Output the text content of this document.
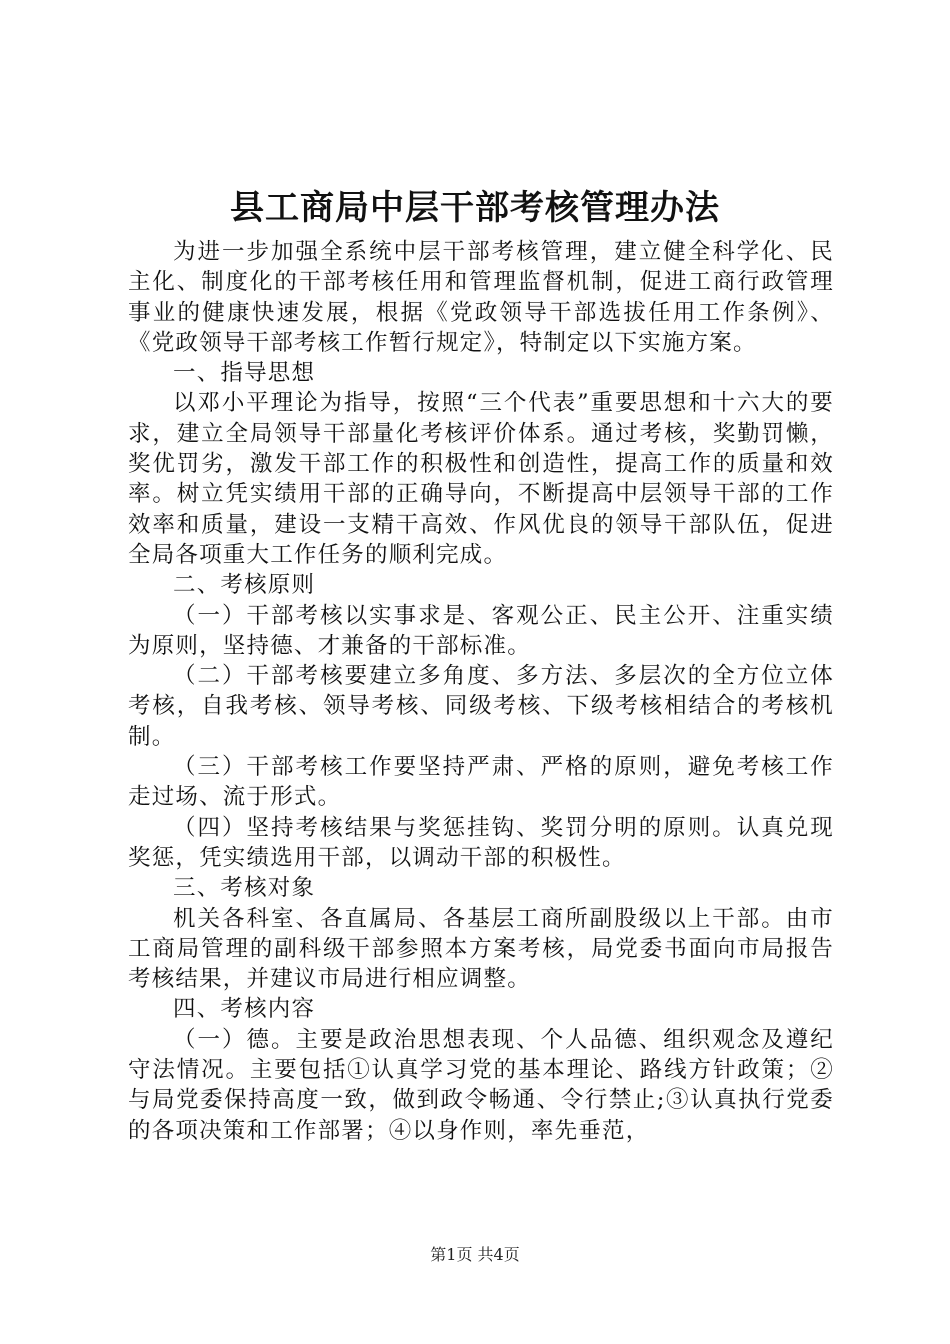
县工商局中层干部考核管理办法

为进一步加强全系统中层干部考核管理，建立健全科学化、民主化、制度化的干部考核任用和管理监督机制，促进工商行政管理事业的健康快速发展，根据《党政领导干部选拔任用工作条例》、《党政领导干部考核工作暂行规定》，特制定以下实施方案。

一、指导思想

以邓小平理论为指导，按照“三个代表”重要思想和十六大的要求，建立全局领导干部量化考核评价体系。通过考核，奖勤罚懒，奖优罚劣，激发干部工作的积极性和创造性，提高工作的质量和效率。树立凭实绩用干部的正确导向，不断提高中层领导干部的工作效率和质量，建设一支精干高效、作风优良的领导干部队伍，促进全局各项重大工作任务的顺利完成。

二、考核原则

（一）干部考核以实事求是、客观公正、民主公开、注重实绩为原则，坚持德、才兼备的干部标准。

（二）干部考核要建立多角度、多方法、多层次的全方位立体考核，自我考核、领导考核、同级考核、下级考核相结合的考核机制。

（三）干部考核工作要坚持严肃、严格的原则，避免考核工作走过场、流于形式。

（四）坚持考核结果与奖惩挂钩、奖罚分明的原则。认真兑现奖惩，凭实绩选用干部，以调动干部的积极性。

三、考核对象

机关各科室、各直属局、各基层工商所副股级以上干部。由市工商局管理的副科级干部参照本方案考核，局党委书面向市局报告考核结果，并建议市局进行相应调整。

四、考核内容

（一）德。主要是政治思想表现、个人品德、组织观念及遵纪守法情况。主要包括①认真学习党的基本理论、路线方针政策；②与局党委保持高度一致，做到政令畅通、令行禁止;③认真执行党委的各项决策和工作部署；④以身作则，率先垂范，

第1页 共4页
